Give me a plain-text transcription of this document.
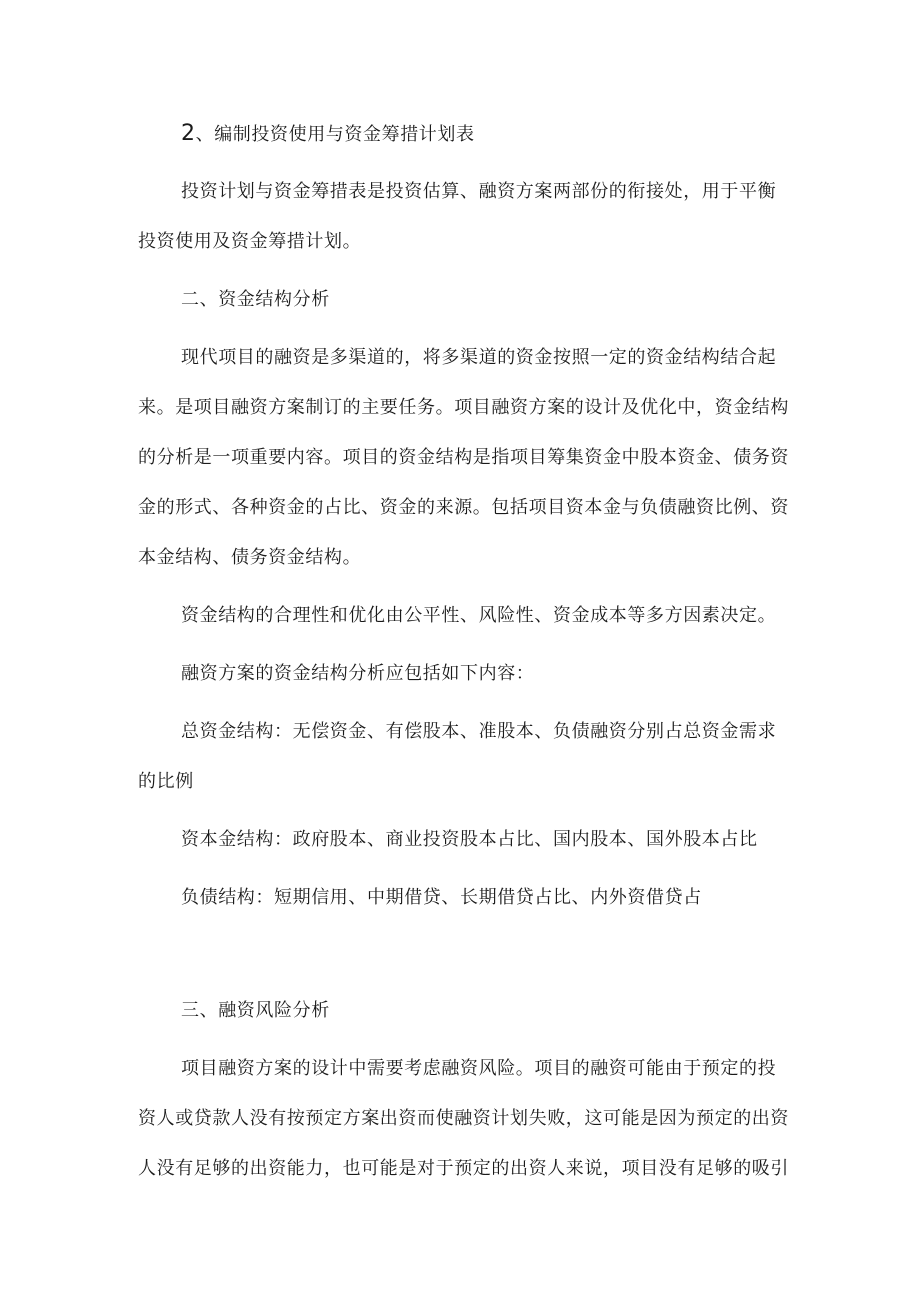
2、编制投资使用与资金筹措计划表

投资计划与资金筹措表是投资估算、融资方案两部份的衔接处，用于平衡

投资使用及资金筹措计划。

二、资金结构分析

现代项目的融资是多渠道的，将多渠道的资金按照一定的资金结构结合起

来。是项目融资方案制订的主要任务。项目融资方案的设计及优化中，资金结构

的分析是一项重要内容。项目的资金结构是指项目筹集资金中股本资金、债务资

金的形式、各种资金的占比、资金的来源。包括项目资本金与负债融资比例、资

本金结构、债务资金结构。

资金结构的合理性和优化由公平性、风险性、资金成本等多方因素决定。

融资方案的资金结构分析应包括如下内容：

总资金结构：无偿资金、有偿股本、准股本、负债融资分别占总资金需求

的比例

资本金结构：政府股本、商业投资股本占比、国内股本、国外股本占比

负债结构：短期信用、中期借贷、长期借贷占比、内外资借贷占

三、融资风险分析

项目融资方案的设计中需要考虑融资风险。项目的融资可能由于预定的投

资人或贷款人没有按预定方案出资而使融资计划失败，这可能是因为预定的出资

人没有足够的出资能力，也可能是对于预定的出资人来说，项目没有足够的吸引
